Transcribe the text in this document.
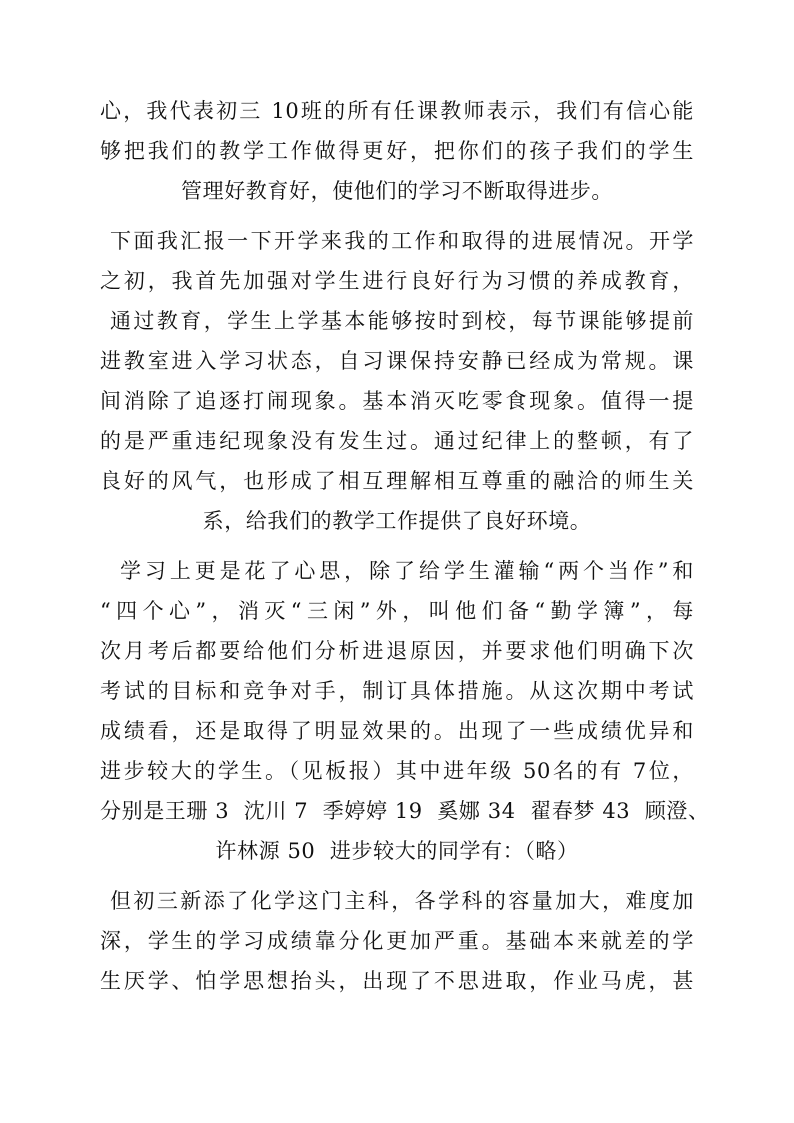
心，我代表初三 10班的所有任课教师表示，我们有信心能
够把我们的教学工作做得更好，把你们的孩子我们的学生
管理好教育好，使他们的学习不断取得进步。
下面我汇报一下开学来我的工作和取得的进展情况。开学
之初，我首先加强对学生进行良好行为习惯的养成教育，
通过教育，学生上学基本能够按时到校，每节课能够提前
进教室进入学习状态，自习课保持安静已经成为常规。课
间消除了追逐打闹现象。基本消灭吃零食现象。值得一提
的是严重违纪现象没有发生过。通过纪律上的整顿，有了
良好的风气，也形成了相互理解相互尊重的融洽的师生关
系，给我们的教学工作提供了良好环境。
学习上更是花了心思，除了给学生灌输“两个当作”和
“四个心”，消灭“三闲”外，叫他们备“勤学簿”，每
次月考后都要给他们分析进退原因，并要求他们明确下次
考试的目标和竞争对手，制订具体措施。从这次期中考试
成绩看，还是取得了明显效果的。出现了一些成绩优异和
进步较大的学生。（见板报）其中进年级 50名的有 7位，
分别是王珊 3  沈川 7  季婷婷 19  奚娜 34  翟春梦 43  顾澄、
许林源 50  进步较大的同学有：（略）
但初三新添了化学这门主科，各学科的容量加大，难度加
深，学生的学习成绩靠分化更加严重。基础本来就差的学
生厌学、怕学思想抬头，出现了不思进取，作业马虎，甚
